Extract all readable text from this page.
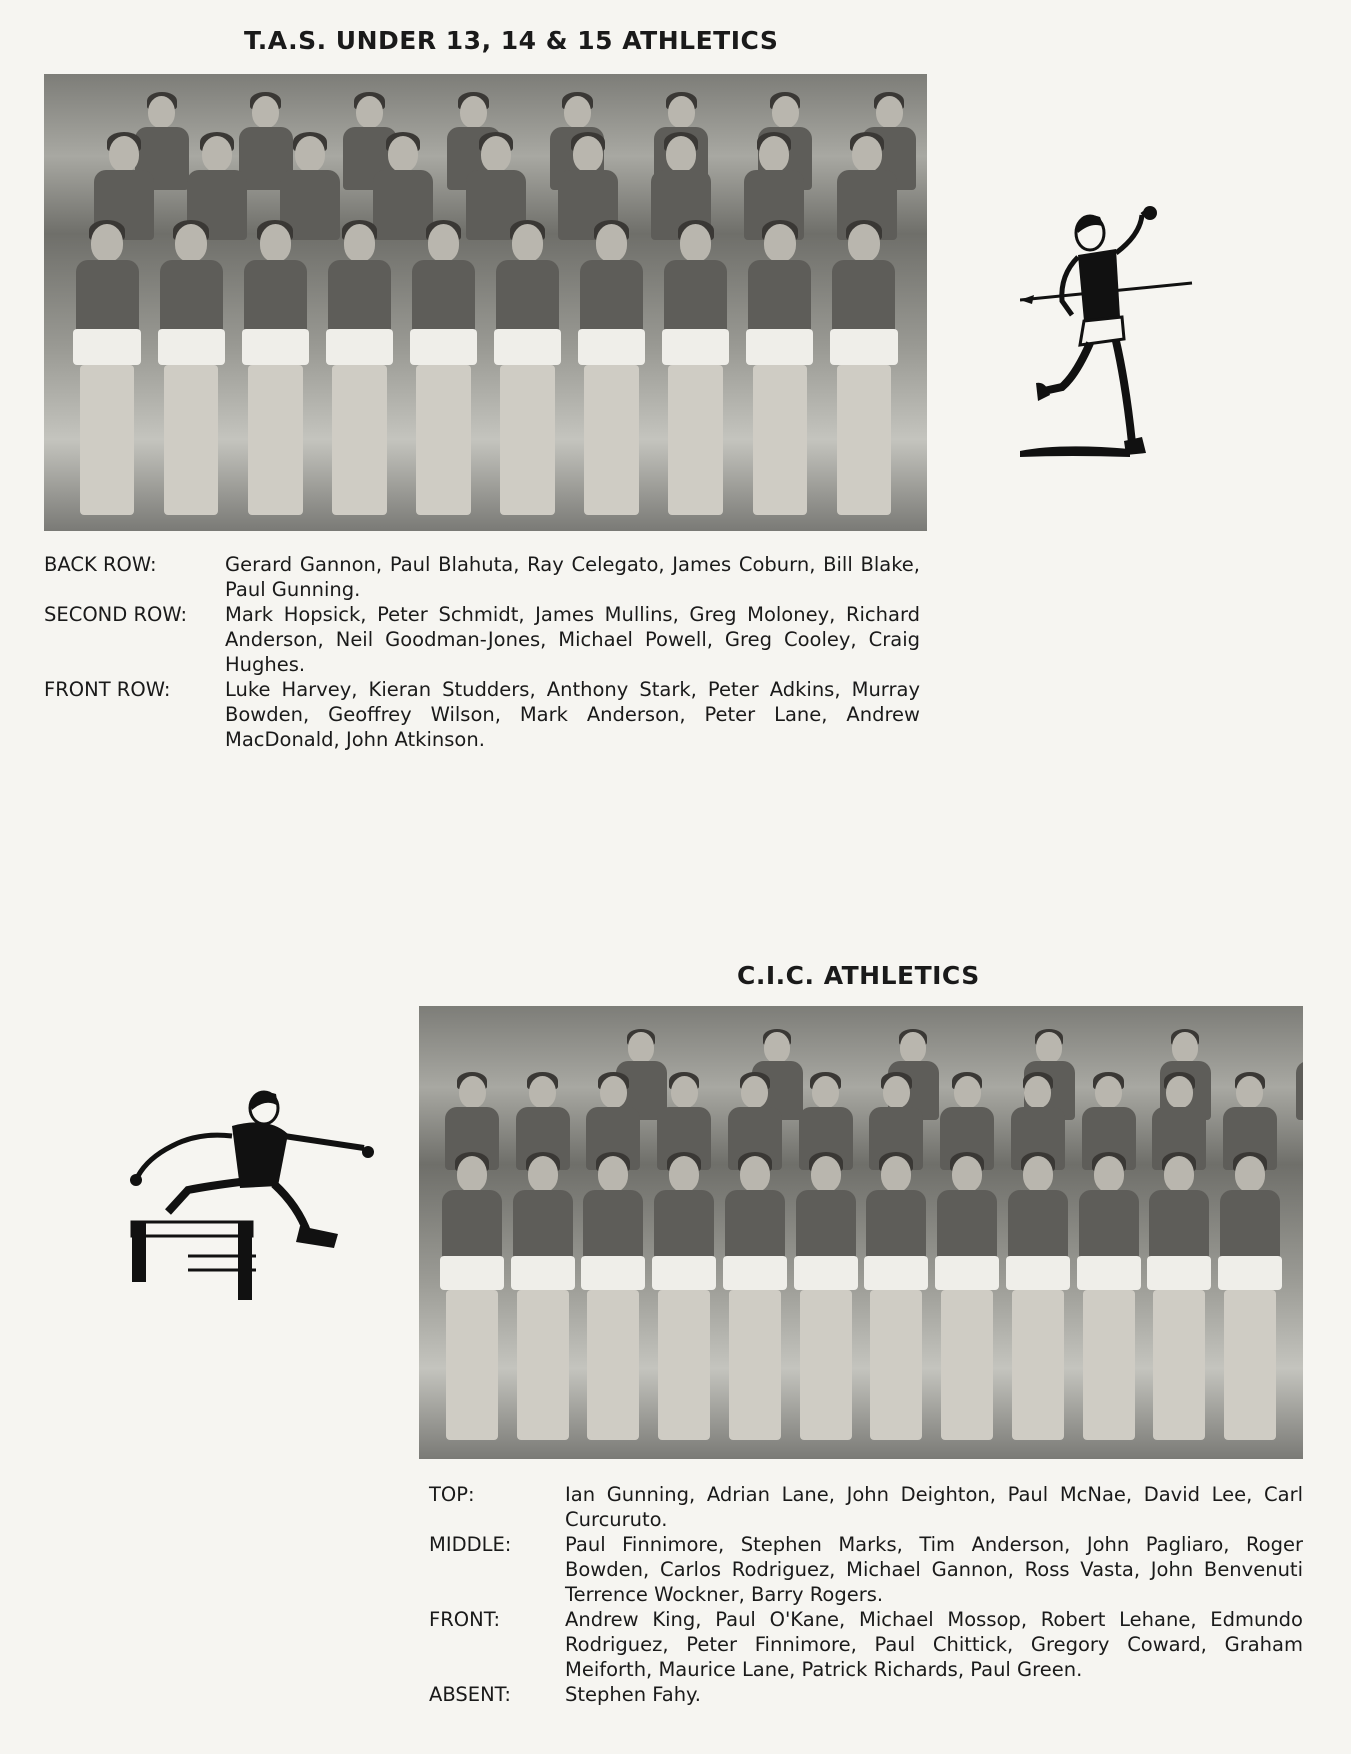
T.A.S. UNDER 13, 14 & 15 ATHLETICS
BACK ROW:	Gerard Gannon, Paul Blahuta, Ray Celegato, James Coburn, Bill Blake, Paul Gunning.
SECOND ROW: Mark Hopsick, Peter Schmidt, James Mullins, Greg Moloney, Richard Anderson, Neil Goodman-Jones, Michael Powell, Greg Cooley, Craig Hughes.
FRONT ROW:	Luke Harvey, Kieran Studders, Anthony Stark, Peter Adkins, Murray Bowden, Geoffrey Wilson, Mark Anderson, Peter Lane, Andrew MacDonald, John Atkinson.
C.I.C. ATHLETICS
TOP:	Ian Gunning, Adrian Lane, John Deighton, Paul McNae, David Lee, Carl Curcuruto.
MIDDLE:	Paul Finnimore, Stephen Marks, Tim Anderson, John Pagliaro, Roger Bowden, Carlos Rodriguez, Michael Gannon, Ross Vasta, John Benvenuti Terrence Wockner, Barry Rogers.
FRONT:	Andrew King, Paul O'Kane, Michael Mossop, Robert Lehane, Edmundo Rodriguez, Peter Finnimore, Paul Chittick, Gregory Coward, Graham Meiforth, Maurice Lane, Patrick Richards, Paul Green.
ABSENT:	Stephen Fahy.
